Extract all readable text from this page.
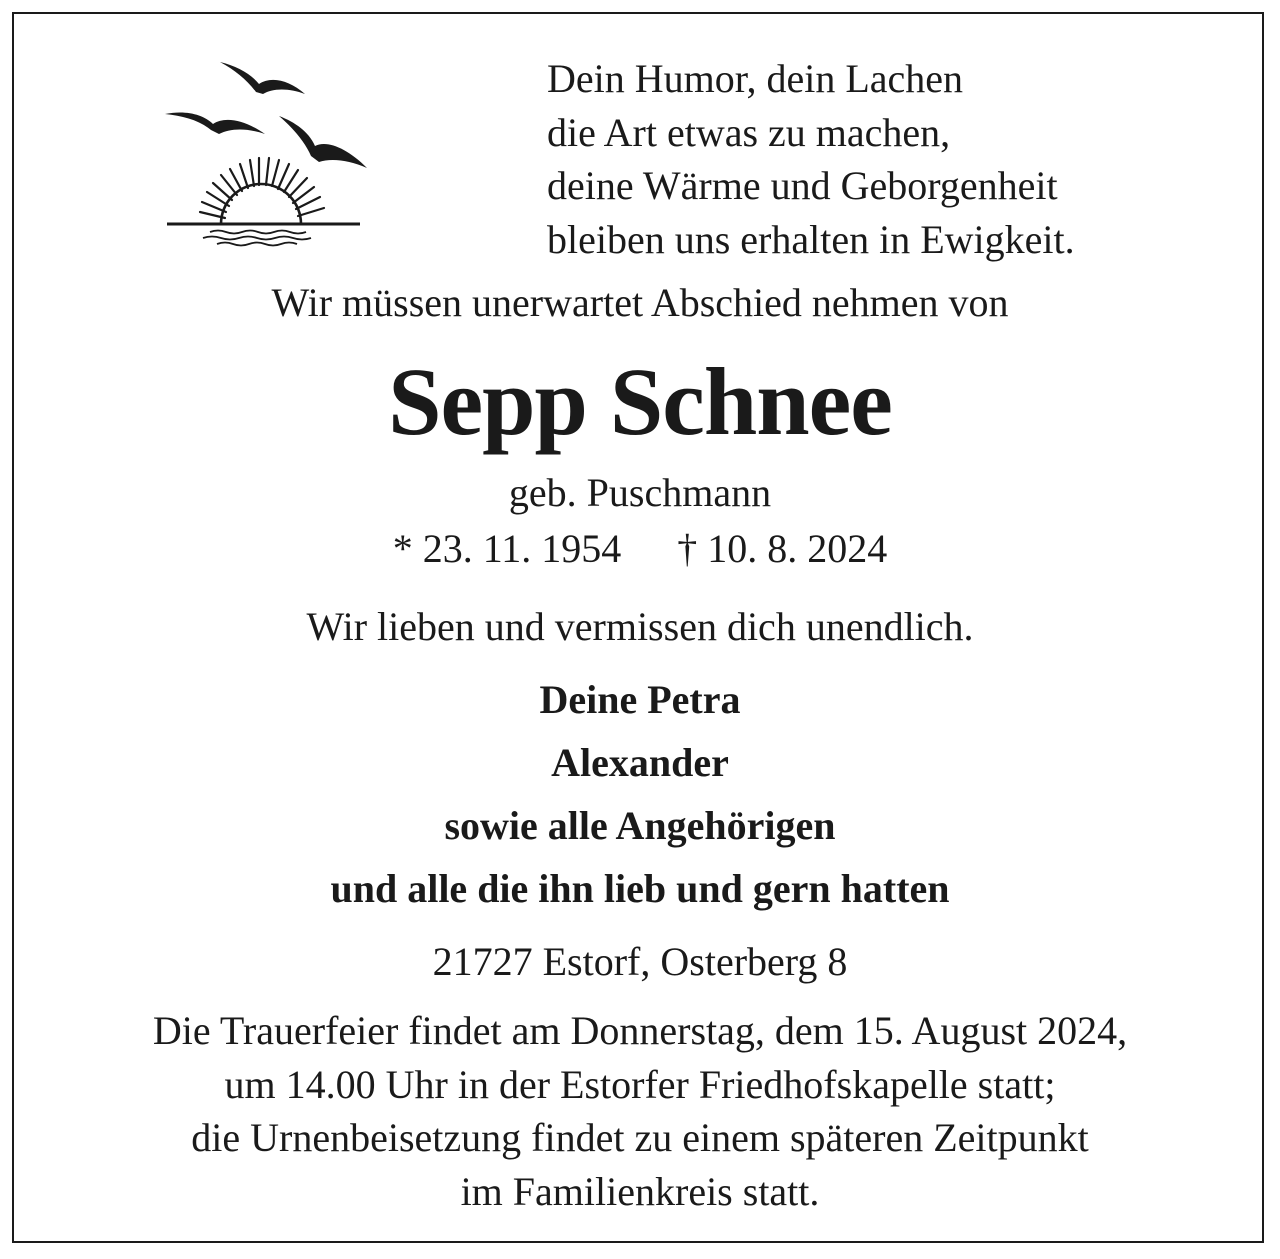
Dein Humor, dein Lachen
die Art etwas zu machen,
deine Wärme und Geborgenheit
bleiben uns erhalten in Ewigkeit.

Wir müssen unerwartet Abschied nehmen von

Sepp Schnee

geb. Puschmann

* 23. 11. 1954 † 10. 8. 2024

Wir lieben und vermissen dich unendlich.

Deine Petra
Alexander
sowie alle Angehörigen
und alle die ihn lieb und gern hatten

21727 Estorf, Osterberg 8

Die Trauerfeier findet am Donnerstag, dem 15. August 2024,
um 14.00 Uhr in der Estorfer Friedhofskapelle statt;
die Urnenbeisetzung findet zu einem späteren Zeitpunkt
im Familienkreis statt.
